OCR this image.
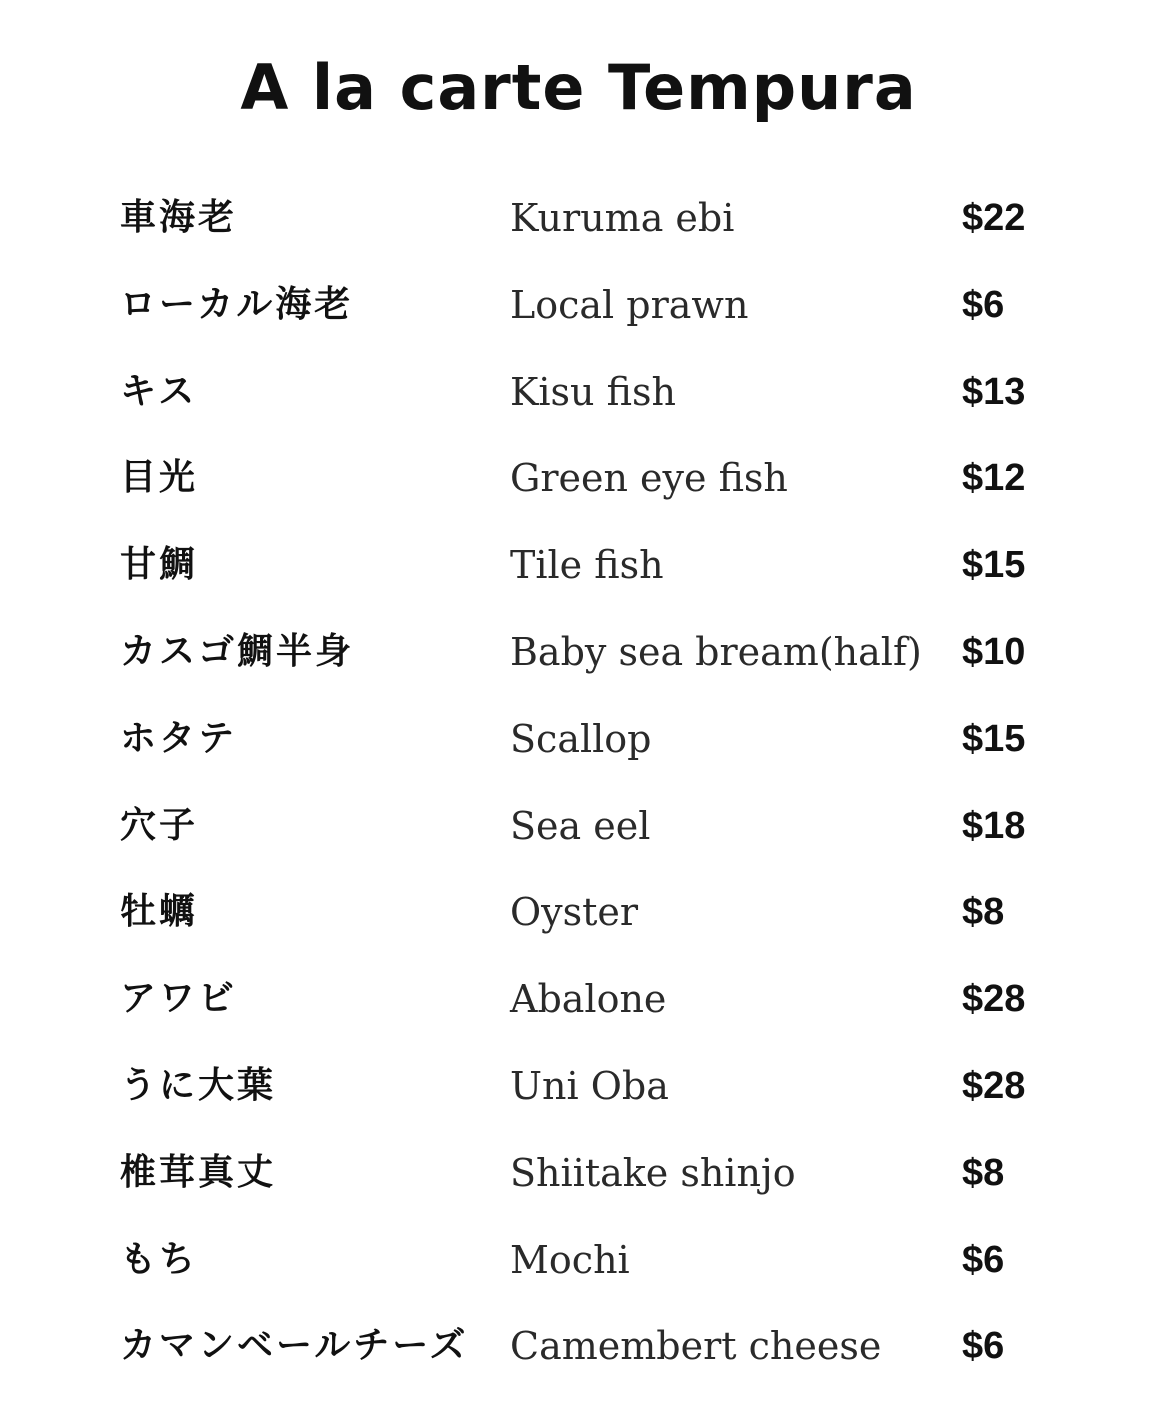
A la carte Tempura
車海老	Kuruma ebi	$22
ローカル海老	Local prawn	$6
キス	Kisu fish	$13
目光	Green eye fish	$12
甘鯛	Tile fish	$15
カスゴ鯛半身	Baby sea bream(half) $10
ホタテ	Scallop	$15
穴子	Sea eel	$18
牡蠣	Oyster	$8
アワビ	Abalone	$28
うに大葉	Uni Oba	$28
椎茸真丈	Shiitake shinjo	$8
もち	Mochi	$6
カマンベールチーズ Camembert cheese $6
